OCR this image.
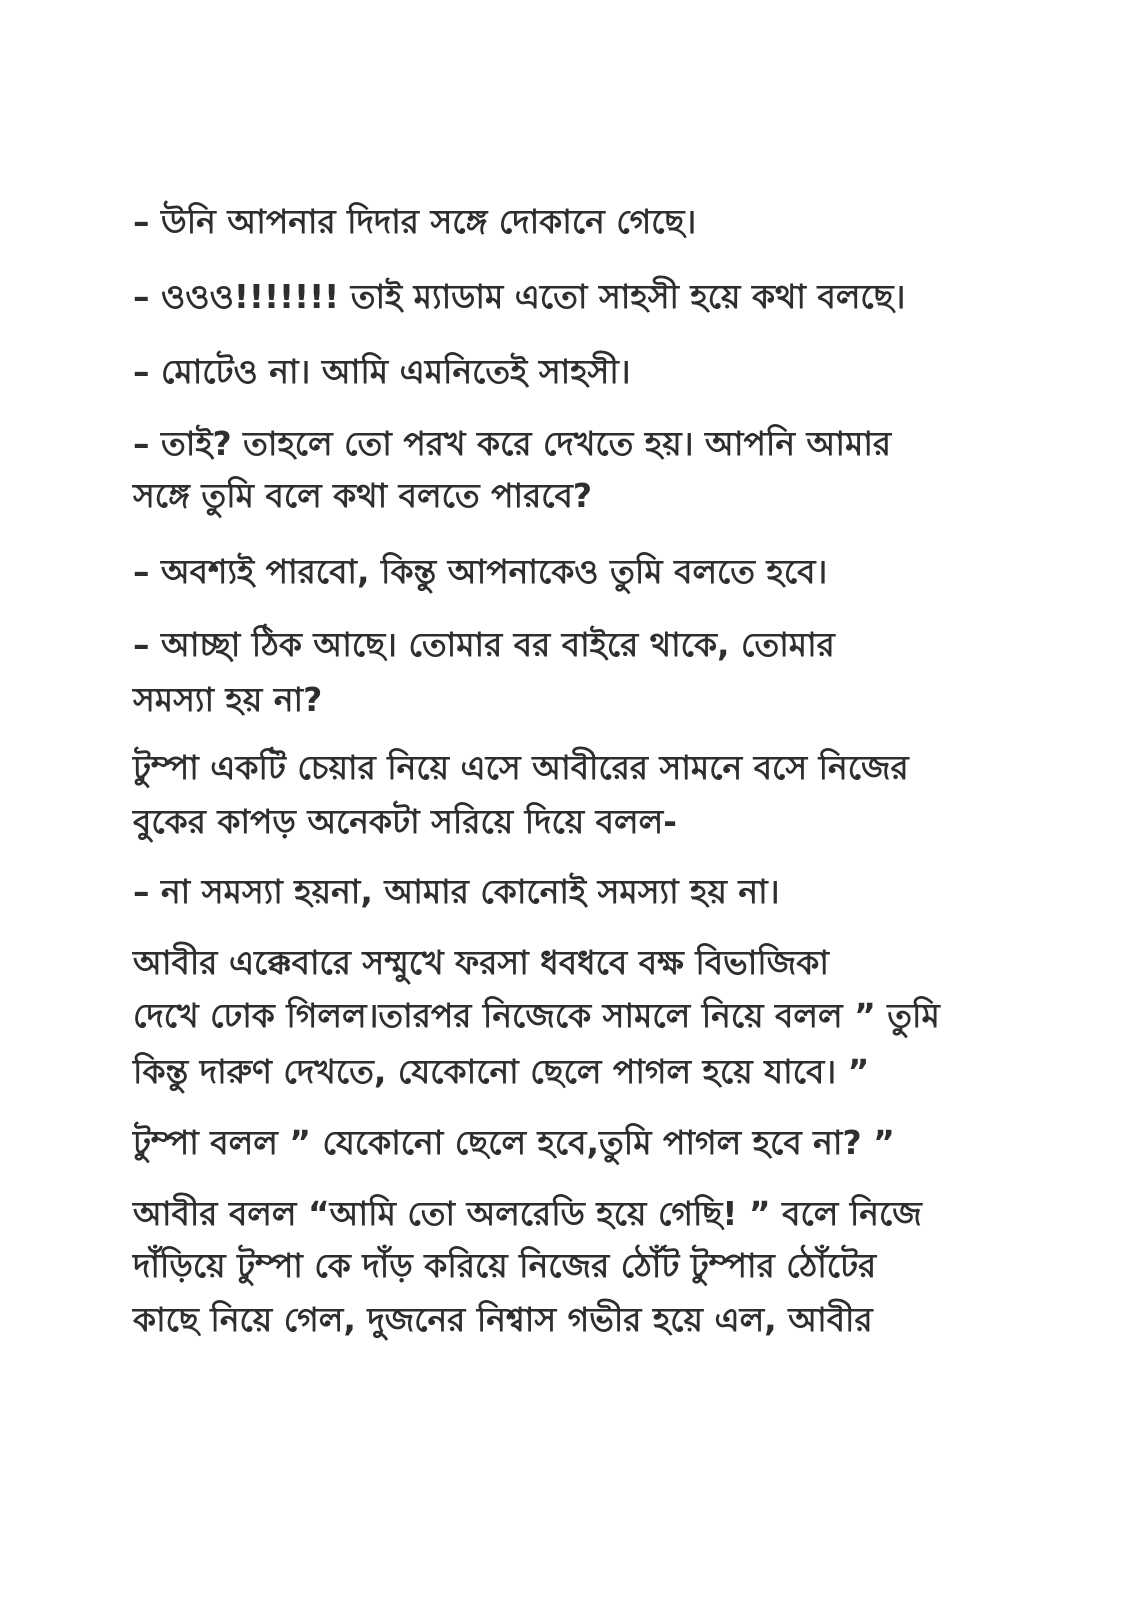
– উনি আপনার দিদার সঙ্গে দোকানে গেছে।
– ওওও!!!!!!! তাই ম্যাডাম এতো সাহসী হয়ে কথা বলছে।
– মোটেও না। আমি এমনিতেই সাহসী।
– তাই? তাহলে তো পরখ করে দেখতে হয়। আপনি আমার
সঙ্গে তুমি বলে কথা বলতে পারবে?
– অবশ্যই পারবো, কিন্তু আপনাকেও তুমি বলতে হবে।
– আচ্ছা ঠিক আছে। তোমার বর বাইরে থাকে, তোমার
সমস্যা হয় না?
টুম্পা একটি চেয়ার নিয়ে এসে আবীরের সামনে বসে নিজের
বুকের কাপড় অনেকটা সরিয়ে দিয়ে বলল-
– না সমস্যা হয়না, আমার কোনোই সমস্যা হয় না।
আবীর এক্কেবারে সম্মুখে ফরসা ধবধবে বক্ষ বিভাজিকা
দেখে ঢোক গিলল।তারপর নিজেকে সামলে নিয়ে বলল ” তুমি
কিন্তু দারুণ দেখতে, যেকোনো ছেলে পাগল হয়ে যাবে। ”
টুম্পা বলল ” যেকোনো ছেলে হবে,তুমি পাগল হবে না? ”
আবীর বলল “আমি তো অলরেডি হয়ে গেছি! ” বলে নিজে
দাঁড়িয়ে টুম্পা কে দাঁড় করিয়ে নিজের ঠোঁট টুম্পার ঠোঁটের
কাছে নিয়ে গেল, দুজনের নিশ্বাস গভীর হয়ে এল, আবীর
